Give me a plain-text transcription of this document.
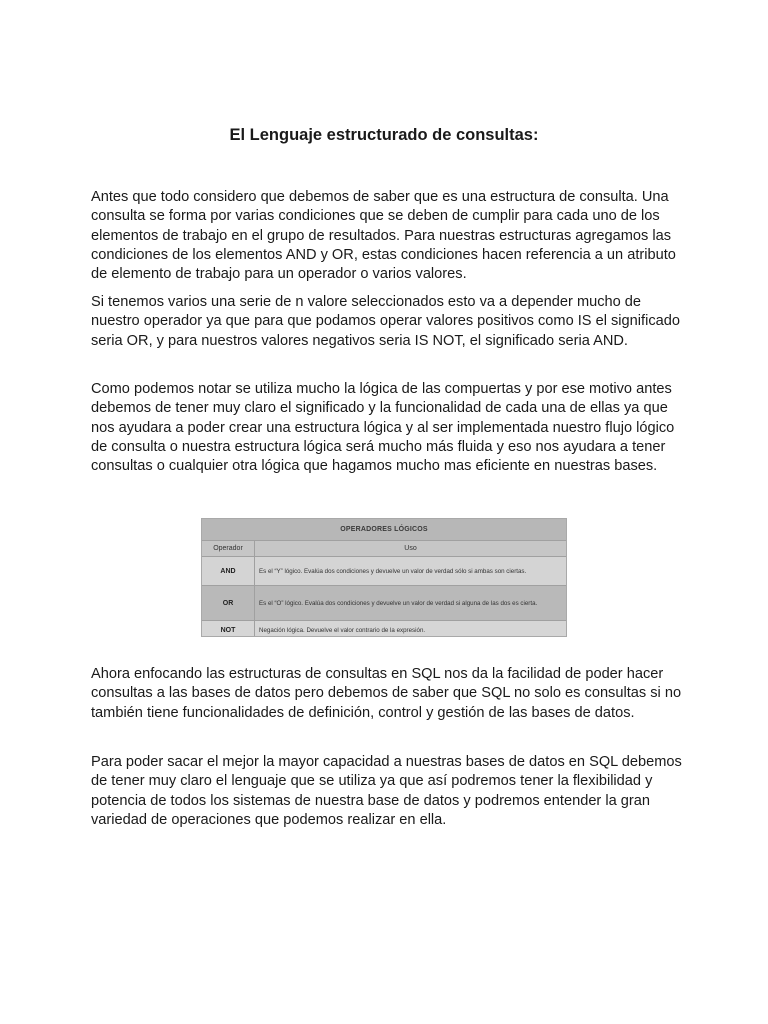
El Lenguaje estructurado de consultas:

Antes que todo considero que debemos de saber que es una estructura de consulta. Una consulta se forma por varias condiciones que se deben de cumplir para cada uno de los elementos de trabajo en el grupo de resultados. Para nuestras estructuras agregamos las condiciones de los elementos AND y OR, estas condiciones hacen referencia a un atributo de elemento de trabajo para un operador o varios valores.

Si tenemos varios una serie de n valore seleccionados esto va a depender mucho de nuestro operador ya que para que podamos operar valores positivos como IS el significado seria OR, y para nuestros valores negativos seria IS NOT, el significado seria AND.

Como podemos notar se utiliza mucho la lógica de las compuertas y por ese motivo antes debemos de tener muy claro el significado y la funcionalidad de cada una de ellas ya que nos ayudara a poder crear una estructura lógica y al ser implementada nuestro flujo lógico de consulta o nuestra estructura lógica será mucho más fluida y eso nos ayudara a tener consultas o cualquier otra lógica que hagamos mucho mas eficiente en nuestras bases.

OPERADORES LÓGICOS
Operador	Uso
AND	Es el “Y” lógico. Evalúa dos condiciones y devuelve un valor de verdad sólo si ambas son ciertas.
OR	Es el “O” lógico. Evalúa dos condiciones y devuelve un valor de verdad si alguna de las dos es cierta.
NOT	Negación lógica. Devuelve el valor contrario de la expresión.

Ahora enfocando las estructuras de consultas en SQL nos da la facilidad de poder hacer consultas a las bases de datos pero debemos de saber que SQL no solo es consultas si no también tiene funcionalidades de definición, control y gestión de las bases de datos.

Para poder sacar el mejor la mayor capacidad a nuestras bases de datos en SQL debemos de tener muy claro el lenguaje que se utiliza ya que así podremos tener la flexibilidad y potencia de todos los sistemas de nuestra base de datos y podremos entender la gran variedad de operaciones que podemos realizar en ella.
